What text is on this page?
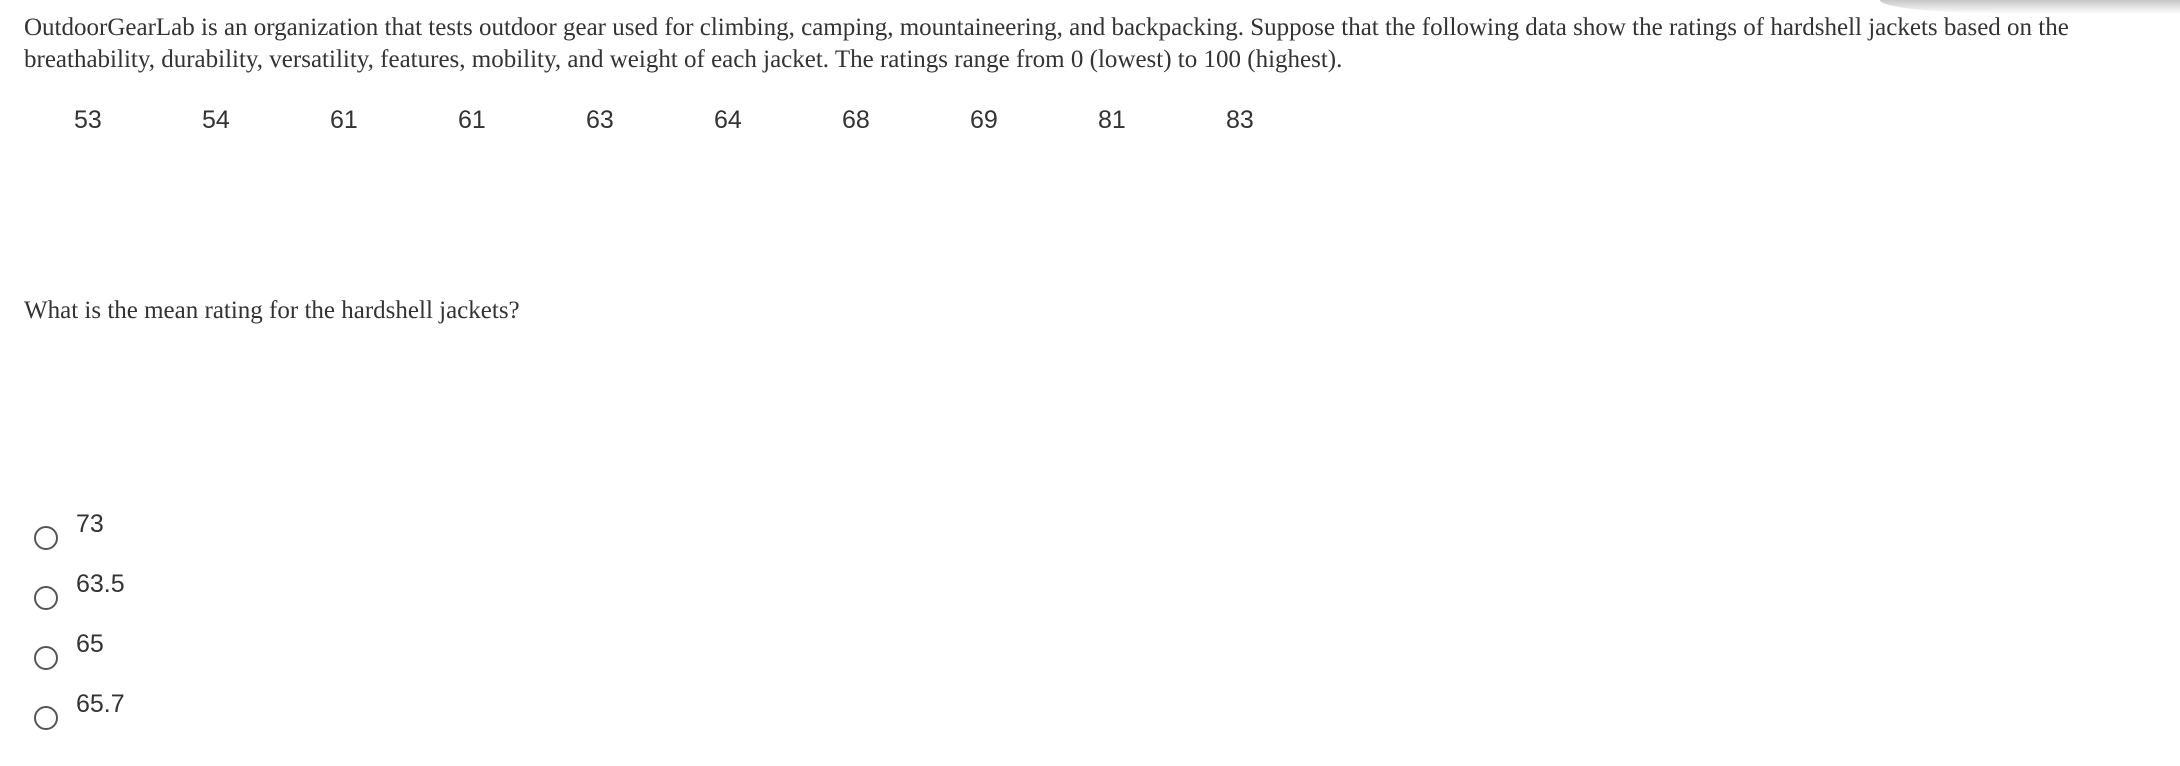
OutdoorGearLab is an organization that tests outdoor gear used for climbing, camping, mountaineering, and backpacking. Suppose that the following data show the ratings of hardshell jackets based on the breathability, durability, versatility, features, mobility, and weight of each jacket. The ratings range from 0 (lowest) to 100 (highest).

53	54	61	61	63	64	68	69	81	83

What is the mean rating for the hardshell jackets?

73
63.5
65
65.7
